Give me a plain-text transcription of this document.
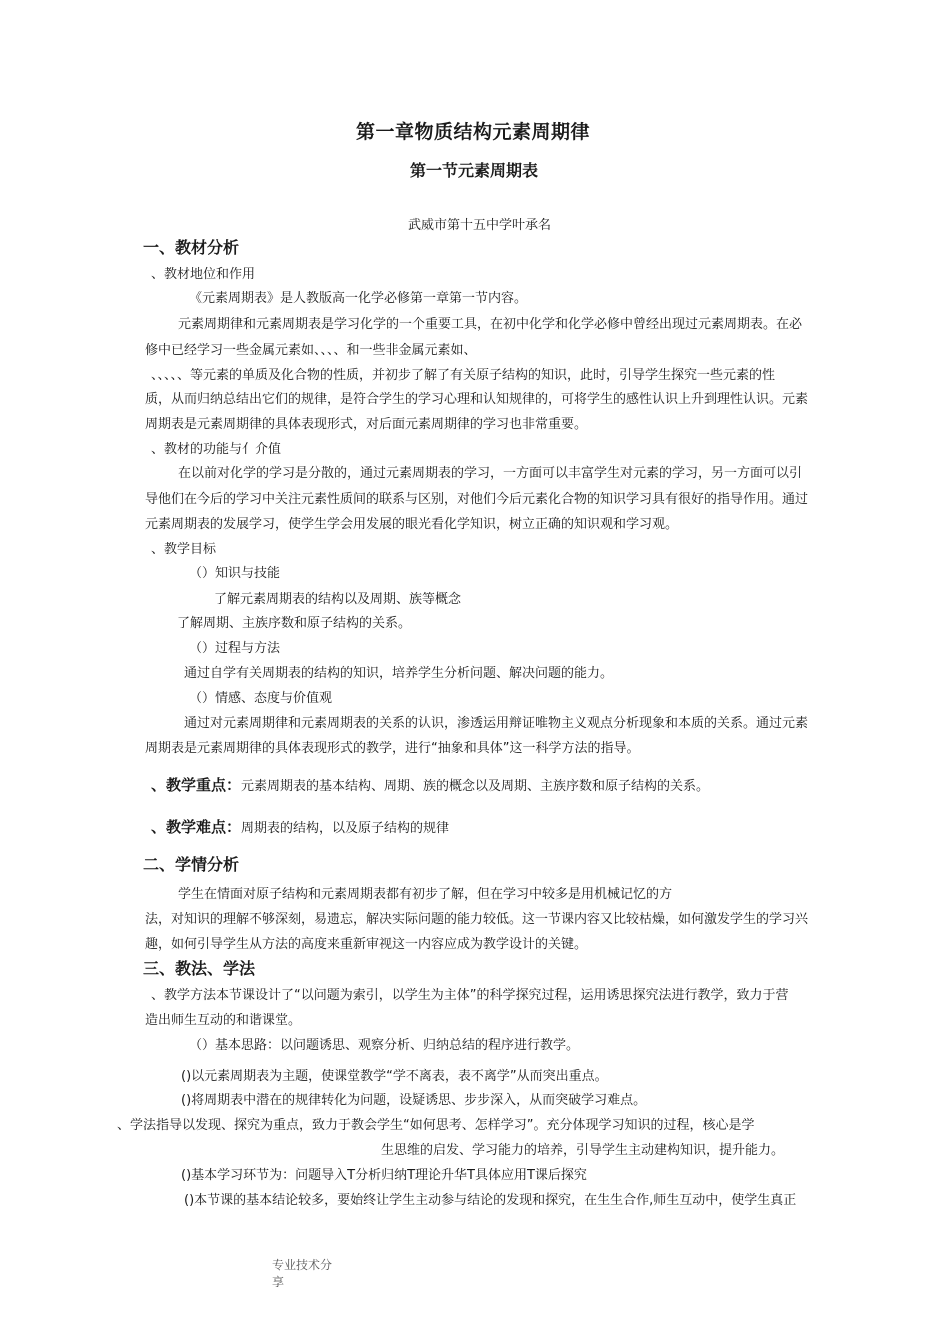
第一章物质结构元素周期律
第一节元素周期表
武威市第十五中学叶承名
一、教材分析
、教材地位和作用
《元素周期表》是人教版高一化学必修第一章第一节内容。
元素周期律和元素周期表是学习化学的一个重要工具，在初中化学和化学必修中曾经出现过元素周期表。在必
修中已经学习一些金属元素如、、、、和一些非金属元素如、
、、、、、等元素的单质及化合物的性质，并初步了解了有关原子结构的知识，此时，引导学生探究一些元素的性
质，从而归纳总结出它们的规律，是符合学生的学习心理和认知规律的，可将学生的感性认识上升到理性认识。元素
周期表是元素周期律的具体表现形式，对后面元素周期律的学习也非常重要。
、教材的功能与亻介值
在以前对化学的学习是分散的，通过元素周期表的学习，一方面可以丰富学生对元素的学习，另一方面可以引
导他们在今后的学习中关注元素性质间的联系与区别，对他们今后元素化合物的知识学习具有很好的指导作用。通过
元素周期表的发展学习，使学生学会用发展的眼光看化学知识，树立正确的知识观和学习观。
、教学目标
（）知识与技能
了解元素周期表的结构以及周期、族等概念
了解周期、主族序数和原子结构的关系。
（）过程与方法
通过自学有关周期表的结构的知识，培养学生分析问题、解决问题的能力。
（）情感、态度与价值观
通过对元素周期律和元素周期表的关系的认识，渗透运用辩证唯物主义观点分析现象和本质的关系。通过元素
周期表是元素周期律的具体表现形式的教学，进行“抽象和具体”这一科学方法的指导。
、教学重点：元素周期表的基本结构、周期、族的概念以及周期、主族序数和原子结构的关系。
、教学难点：周期表的结构，以及原子结构的规律
二、学情分析
学生在情面对原子结构和元素周期表都有初步了解，但在学习中较多是用机械记忆的方
法，对知识的理解不够深刻，易遗忘，解决实际问题的能力较低。这一节课内容又比较枯燥，如何激发学生的学习兴
趣，如何引导学生从方法的高度来重新审视这一内容应成为教学设计的关键。
三、教法、学法
、教学方法本节课设计了“以问题为索引，以学生为主体”的科学探究过程，运用诱思探究法进行教学，致力于营
造出师生互动的和谐课堂。
（）基本思路：以问题诱思、观察分析、归纳总结的程序进行教学。
()以元素周期表为主题，使课堂教学“学不离表，表不离学”从而突出重点。
()将周期表中潜在的规律转化为问题，设疑诱思、步步深入，从而突破学习难点。
、学法指导以发现、探究为重点，致力于教会学生“如何思考、怎样学习”。充分体现学习知识的过程，核心是学
生思维的启发、学习能力的培养，引导学生主动建构知识，提升能力。
()基本学习环节为：问题导入T分析归纳T理论升华T具体应用T课后探究
()本节课的基本结论较多，要始终让学生主动参与结论的发现和探究，在生生合作,师生互动中，使学生真正
专业技术分
享
